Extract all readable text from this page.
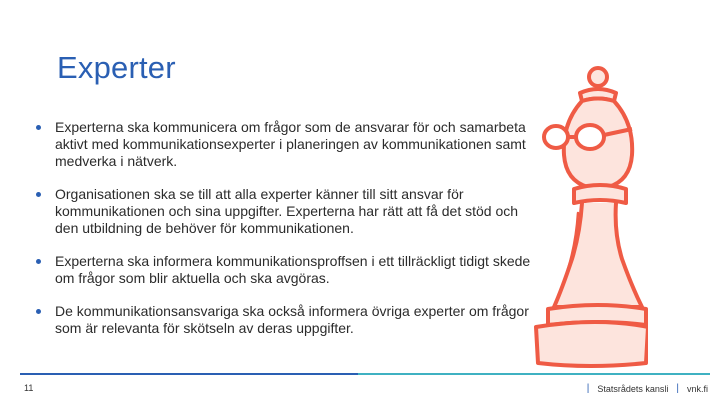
Experter
Experterna ska kommunicera om frågor som de ansvarar för och samarbeta aktivt med kommunikationsexperter i planeringen av kommunikationen samt medverka i nätverk.
Organisationen ska se till att alla experter känner till sitt ansvar för kommunikationen och sina uppgifter. Experterna har rätt att få det stöd och den utbildning de behöver för kommunikationen.
Experterna ska informera kommunikationsproffsen i ett tillräckligt tidigt skede om frågor som blir aktuella och ska avgöras.
De kommunikationsansvariga ska också informera övriga experter om frågor som är relevanta för skötseln av deras uppgifter.
11	| Statsrådets kansli | vnk.fi
